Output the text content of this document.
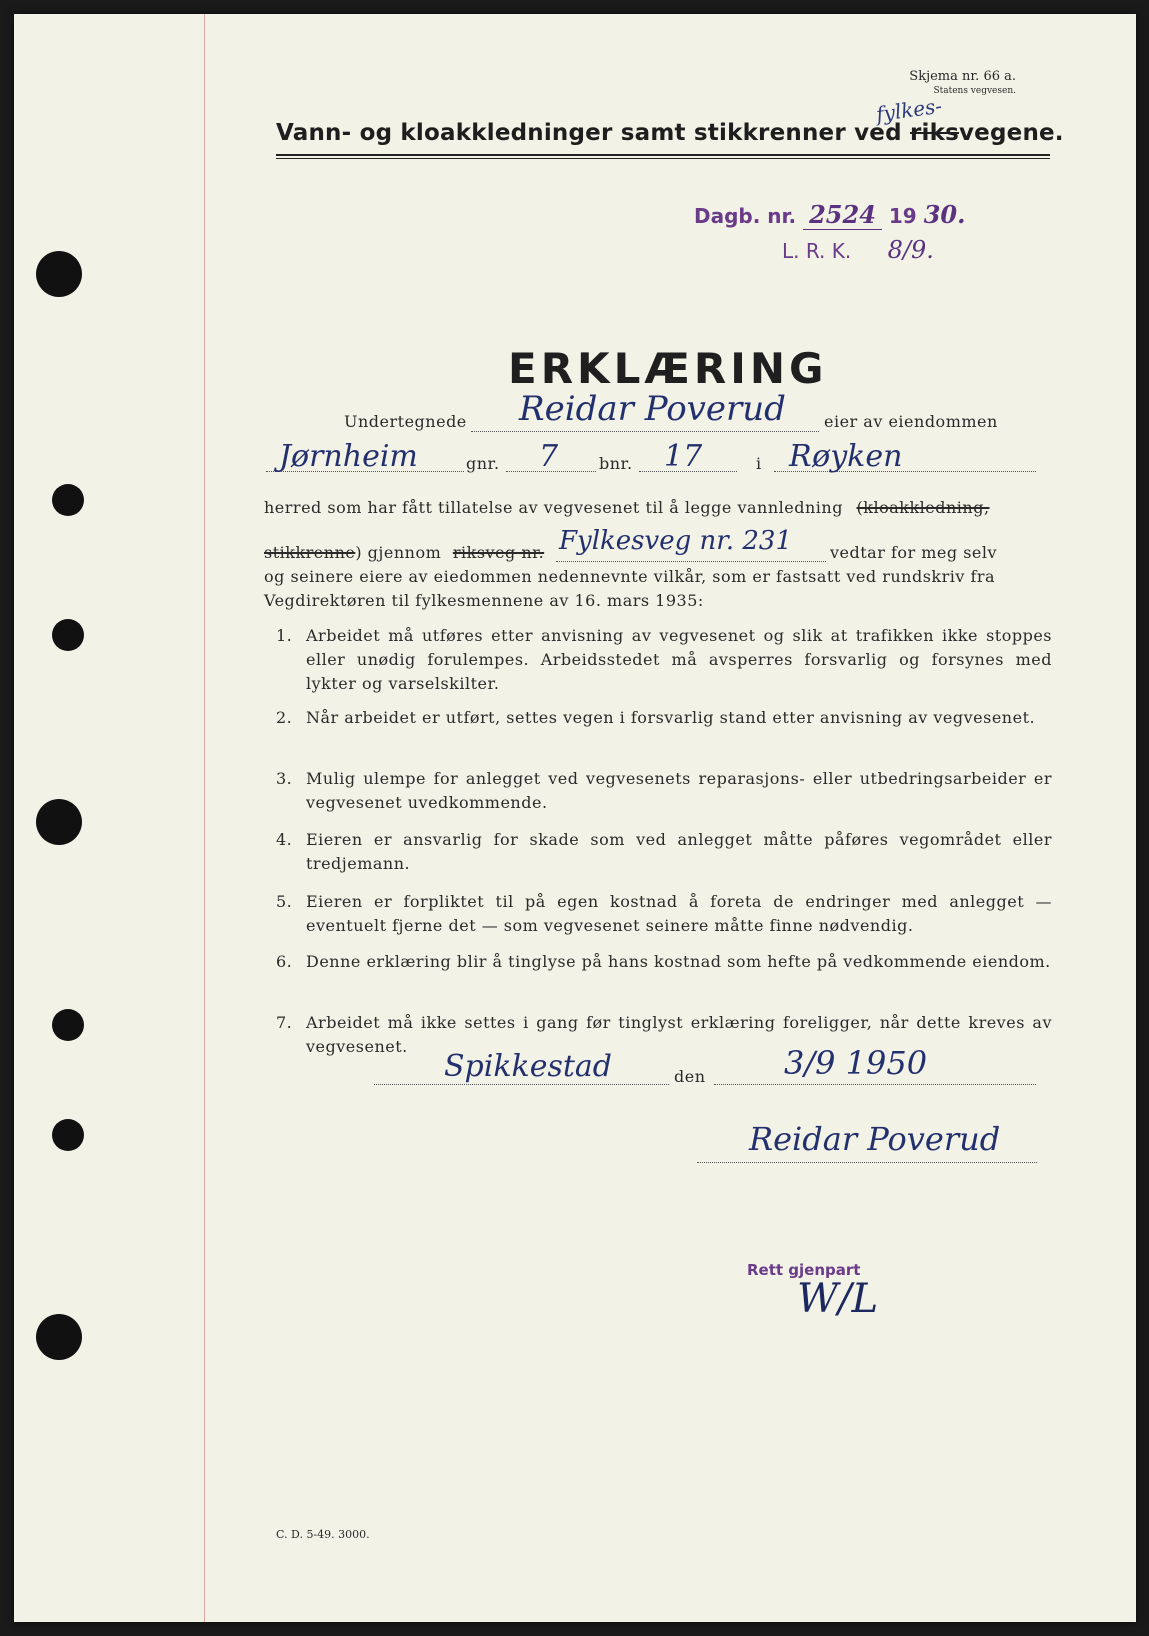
Skjema nr. 66 a.
Statens vegvesen.
fylkes-
Vann- og kloakkledninger samt stikkrenner ved riksvegene.
Dagb. nr. 2524 19 30.
L. R. K. 8/9.
ERKLÆRING
Undertegnede Reidar Poverud eier av eiendommen
Jørnheim	gnr. 7	bnr. 17	i Røyken
herred som har fått tillatelse av vegvesenet til å legge vannledning (kloakkledning,
stikkrenne) gjennom riksveg nr. Fylkesveg nr. 231 vedtar for meg selv
og seinere eiere av eiedommen nedennevnte vilkår, som er fastsatt ved rundskriv fra
Vegdirektøren til fylkesmennene av 16. mars 1935:
1. Arbeidet må utføres etter anvisning av vegvesenet og slik at trafikken ikke stoppes eller unødig forulempes. Arbeidsstedet må avsperres forsvarlig og forsynes med lykter og varselskilter.
2. Når arbeidet er utført, settes vegen i forsvarlig stand etter anvisning av vegvesenet.
3. Mulig ulempe for anlegget ved vegvesenets reparasjons- eller utbedringsarbeider er vegvesenet uvedkommende.
4. Eieren er ansvarlig for skade som ved anlegget måtte påføres vegområdet eller tredjemann.
5. Eieren er forpliktet til på egen kostnad å foreta de endringer med anlegget — eventuelt fjerne det — som vegvesenet seinere måtte finne nødvendig.
6. Denne erklæring blir å tinglyse på hans kostnad som hefte på vedkommende eiendom.
7. Arbeidet må ikke settes i gang før tinglyst erklæring foreligger, når dette kreves av vegvesenet.
Spikkestad	den 3/9 1950
Reidar Poverud
Rett gjenpart
W/L
C. D. 5-49. 3000.
